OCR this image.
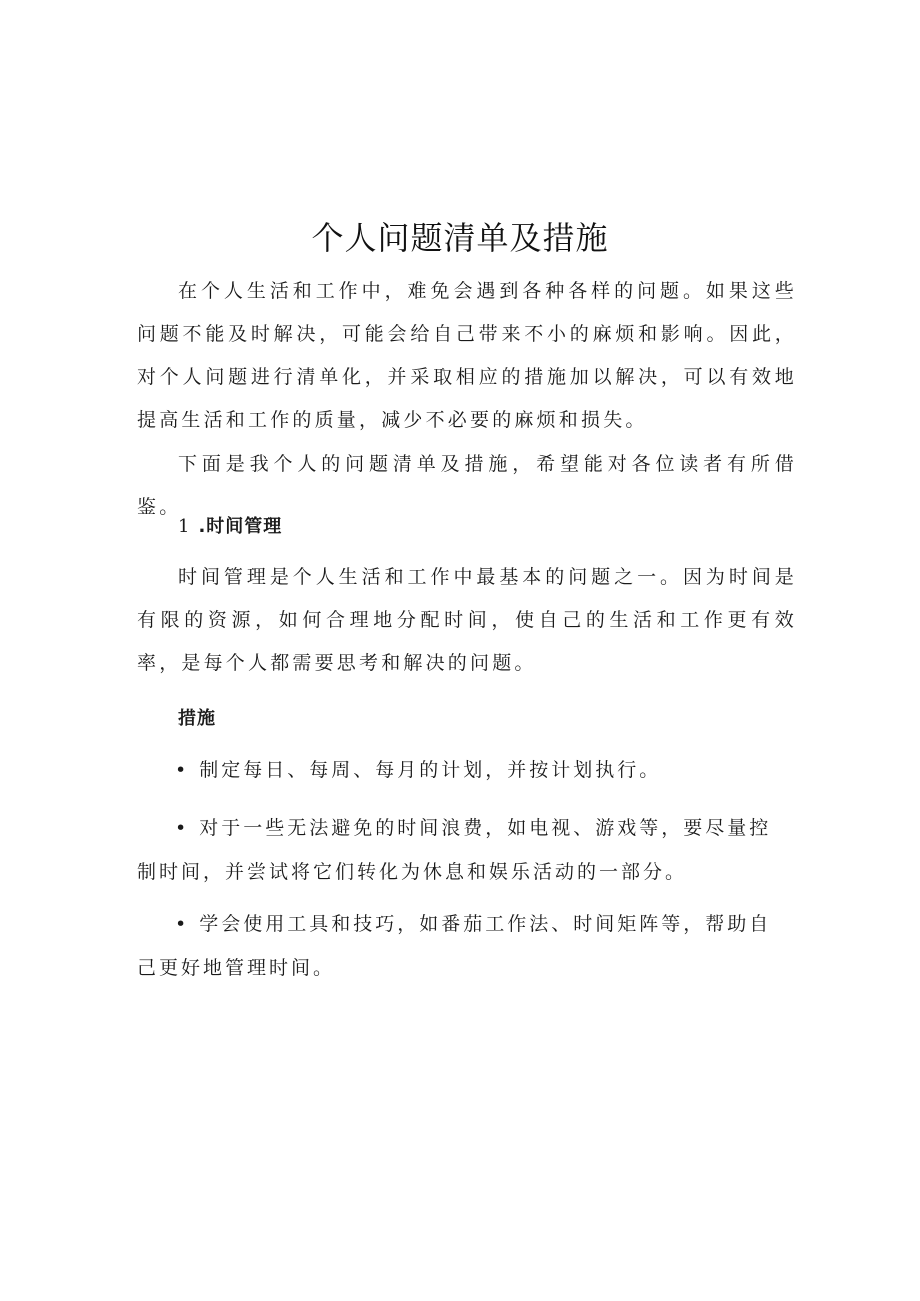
个人问题清单及措施

在个人生活和工作中，难免会遇到各种各样的问题。如果这些问题不能及时解决，可能会给自己带来不小的麻烦和影响。因此，对个人问题进行清单化，并采取相应的措施加以解决，可以有效地提高生活和工作的质量，减少不必要的麻烦和损失。

下面是我个人的问题清单及措施，希望能对各位读者有所借鉴。

1 .时间管理

时间管理是个人生活和工作中最基本的问题之一。因为时间是有限的资源，如何合理地分配时间，使自己的生活和工作更有效率，是每个人都需要思考和解决的问题。

措施

• 制定每日、每周、每月的计划，并按计划执行。

• 对于一些无法避免的时间浪费，如电视、游戏等，要尽量控制时间，并尝试将它们转化为休息和娱乐活动的一部分。

• 学会使用工具和技巧，如番茄工作法、时间矩阵等，帮助自己更好地管理时间。
